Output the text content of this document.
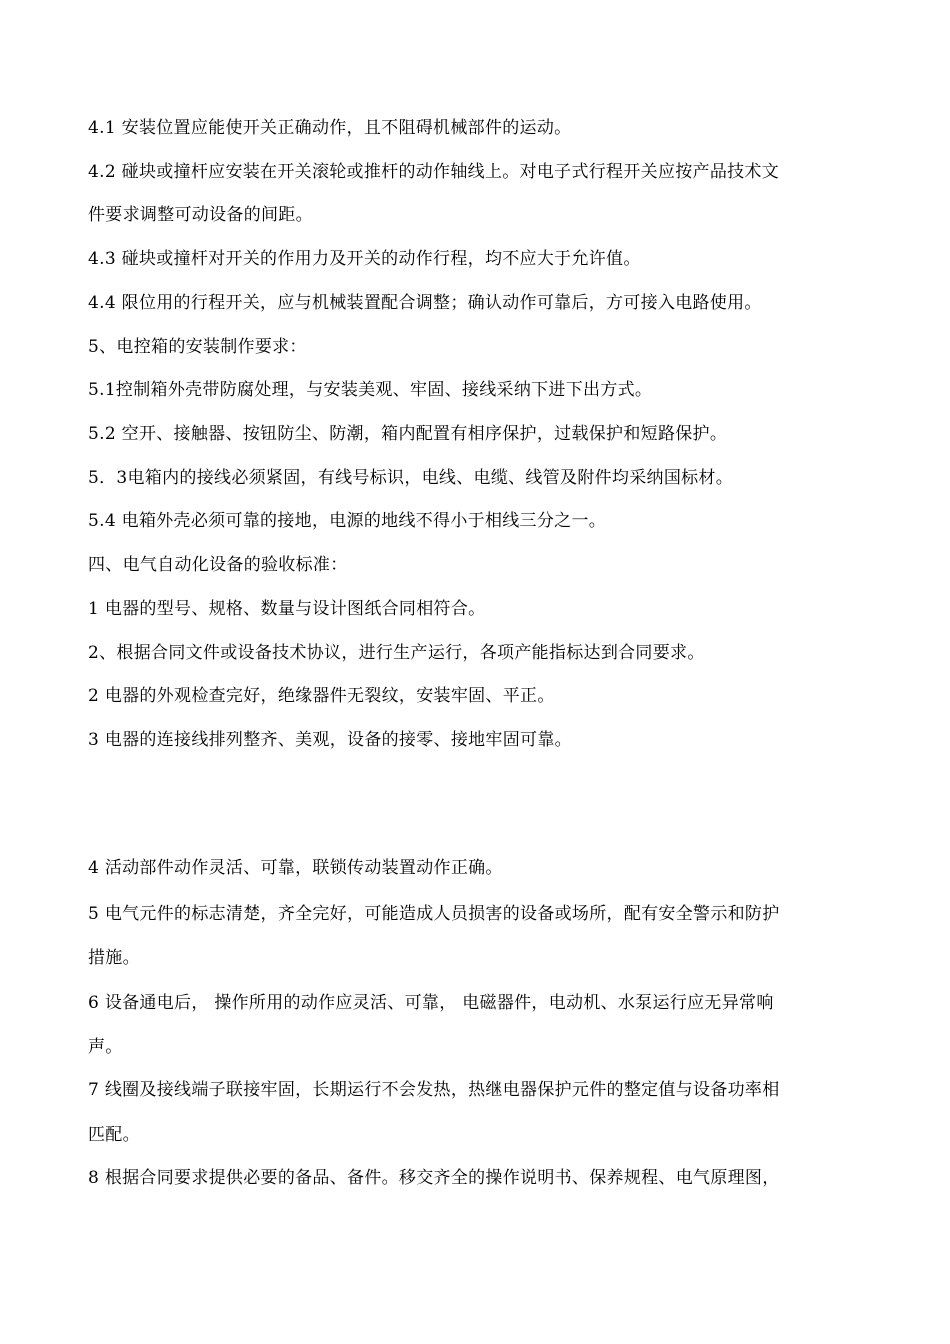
4.1 安装位置应能使开关正确动作，且不阻碍机械部件的运动。
4.2 碰块或撞杆应安装在开关滚轮或推杆的动作轴线上。对电子式行程开关应按产品技术文
件要求调整可动设备的间距。
4.3 碰块或撞杆对开关的作用力及开关的动作行程，均不应大于允许值。
4.4 限位用的行程开关，应与机械装置配合调整；确认动作可靠后，方可接入电路使用。
5、电控箱的安装制作要求：
5.1控制箱外壳带防腐处理，与安装美观、牢固、接线采纳下进下出方式。
5.2 空开、接触器、按钮防尘、防潮，箱内配置有相序保护，过载保护和短路保护。
5．3电箱内的接线必须紧固，有线号标识，电线、电缆、线管及附件均采纳国标材。
5.4 电箱外壳必须可靠的接地，电源的地线不得小于相线三分之一。
四、电气自动化设备的验收标准：
1 电器的型号、规格、数量与设计图纸合同相符合。
2、根据合同文件或设备技术协议，进行生产运行，各项产能指标达到合同要求。
2 电器的外观检查完好，绝缘器件无裂纹，安装牢固、平正。
3 电器的连接线排列整齐、美观，设备的接零、接地牢固可靠。
4 活动部件动作灵活、可靠，联锁传动装置动作正确。
5 电气元件的标志清楚，齐全完好，可能造成人员损害的设备或场所，配有安全警示和防护
措施。
6 设备通电后， 操作所用的动作应灵活、可靠， 电磁器件，电动机、水泵运行应无异常响
声。
7 线圈及接线端子联接牢固，长期运行不会发热，热继电器保护元件的整定值与设备功率相
匹配。
8 根据合同要求提供必要的备品、备件。移交齐全的操作说明书、保养规程、电气原理图，
